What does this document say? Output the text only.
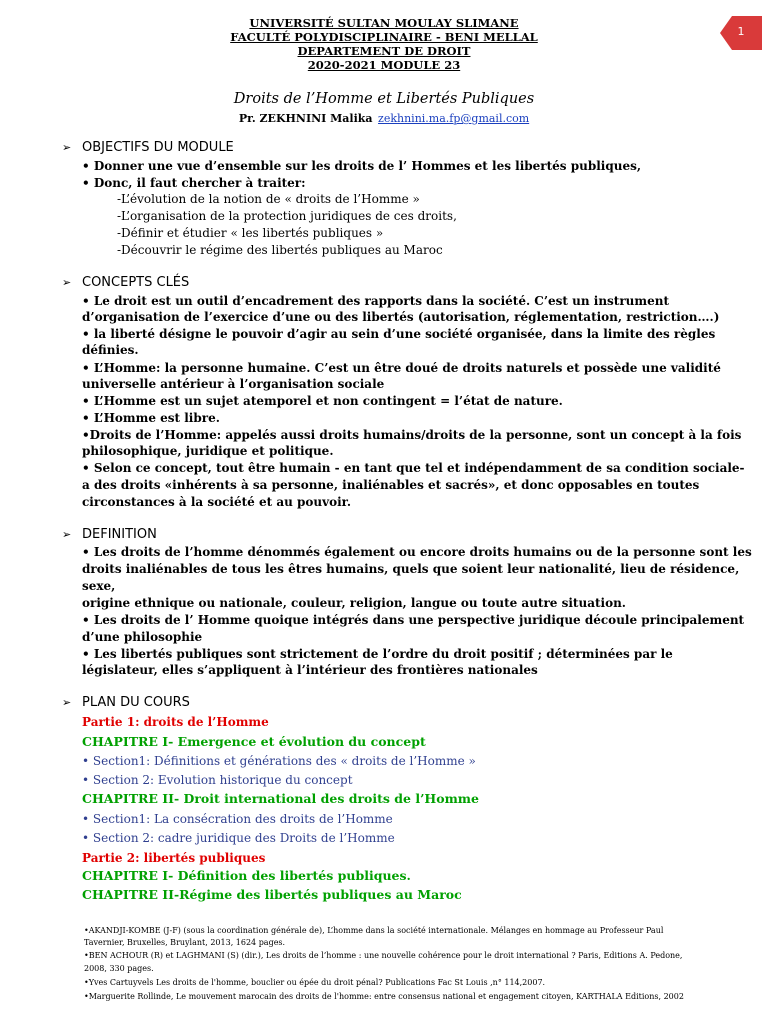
1
UNIVERSITÉ SULTAN MOULAY SLIMANE
FACULTÉ POLYDISCIPLINAIRE - BENI MELLAL
DEPARTEMENT DE DROIT
2020-2021 MODULE 23
Droits de l’Homme et Libertés Publiques
Pr. ZEKHNINI Malika zekhnini.ma.fp@gmail.com
➢ OBJECTIFS DU MODULE
• Donner une vue d’ensemble sur les droits de l’ Hommes et les libertés publiques,
• Donc, il faut chercher à traiter:
-L’évolution de la notion de « droits de l’Homme »
-L’organisation de la protection juridiques de ces droits,
-Définir et étudier « les libertés publiques »
-Découvrir le régime des libertés publiques au Maroc
➢ CONCEPTS CLÉS
• Le droit est un outil d’encadrement des rapports dans la société. C’est un instrument
d’organisation de l’exercice d’une ou des libertés (autorisation, réglementation, restriction….)
• la liberté désigne le pouvoir d’agir au sein d’une société organisée, dans la limite des règles
définies.
• L’Homme: la personne humaine. C’est un être doué de droits naturels et possède une validité
universelle antérieur à l’organisation sociale
• L’Homme est un sujet atemporel et non contingent = l’état de nature.
• L’Homme est libre.
•Droits de l’Homme: appelés aussi droits humains/droits de la personne, sont un concept à la fois
philosophique, juridique et politique.
• Selon ce concept, tout être humain - en tant que tel et indépendamment de sa condition sociale-
a des droits «inhérents à sa personne, inaliénables et sacrés», et donc opposables en toutes
circonstances à la société et au pouvoir.
➢ DEFINITION
• Les droits de l’homme dénommés également ou encore droits humains ou de la personne sont les
droits inaliénables de tous les êtres humains, quels que soient leur nationalité, lieu de résidence,
sexe,
origine ethnique ou nationale, couleur, religion, langue ou toute autre situation.
• Les droits de l’ Homme quoique intégrés dans une perspective juridique découle principalement
d’une philosophie
• Les libertés publiques sont strictement de l’ordre du droit positif ; déterminées par le
législateur, elles s’appliquent à l’intérieur des frontières nationales
➢ PLAN DU COURS
Partie 1: droits de l’Homme
CHAPITRE I- Emergence et évolution du concept
• Section1: Définitions et générations des « droits de l’Homme »
• Section 2: Evolution historique du concept
CHAPITRE II- Droit international des droits de l’Homme
• Section1: La consécration des droits de l’Homme
• Section 2: cadre juridique des Droits de l’Homme
Partie 2: libertés publiques
CHAPITRE I- Définition des libertés publiques.
CHAPITRE II-Régime des libertés publiques au Maroc
•AKANDJI-KOMBE (J-F) (sous la coordination générale de), L’homme dans la société internationale. Mélanges en hommage au Professeur Paul
Tavernier, Bruxelles, Bruylant, 2013, 1624 pages.
•BEN ACHOUR (R) et LAGHMANI (S) (dir.), Les droits de l’homme : une nouvelle cohérence pour le droit international ? Paris, Editions A. Pedone,
2008, 330 pages.
•Yves Cartuyvels Les droits de l'homme, bouclier ou épée du droit pénal? Publications Fac St Louis ,n° 114,2007.
•Marguerite Rollinde, Le mouvement marocain des droits de l'homme: entre consensus national et engagement citoyen, KARTHALA Editions, 2002
